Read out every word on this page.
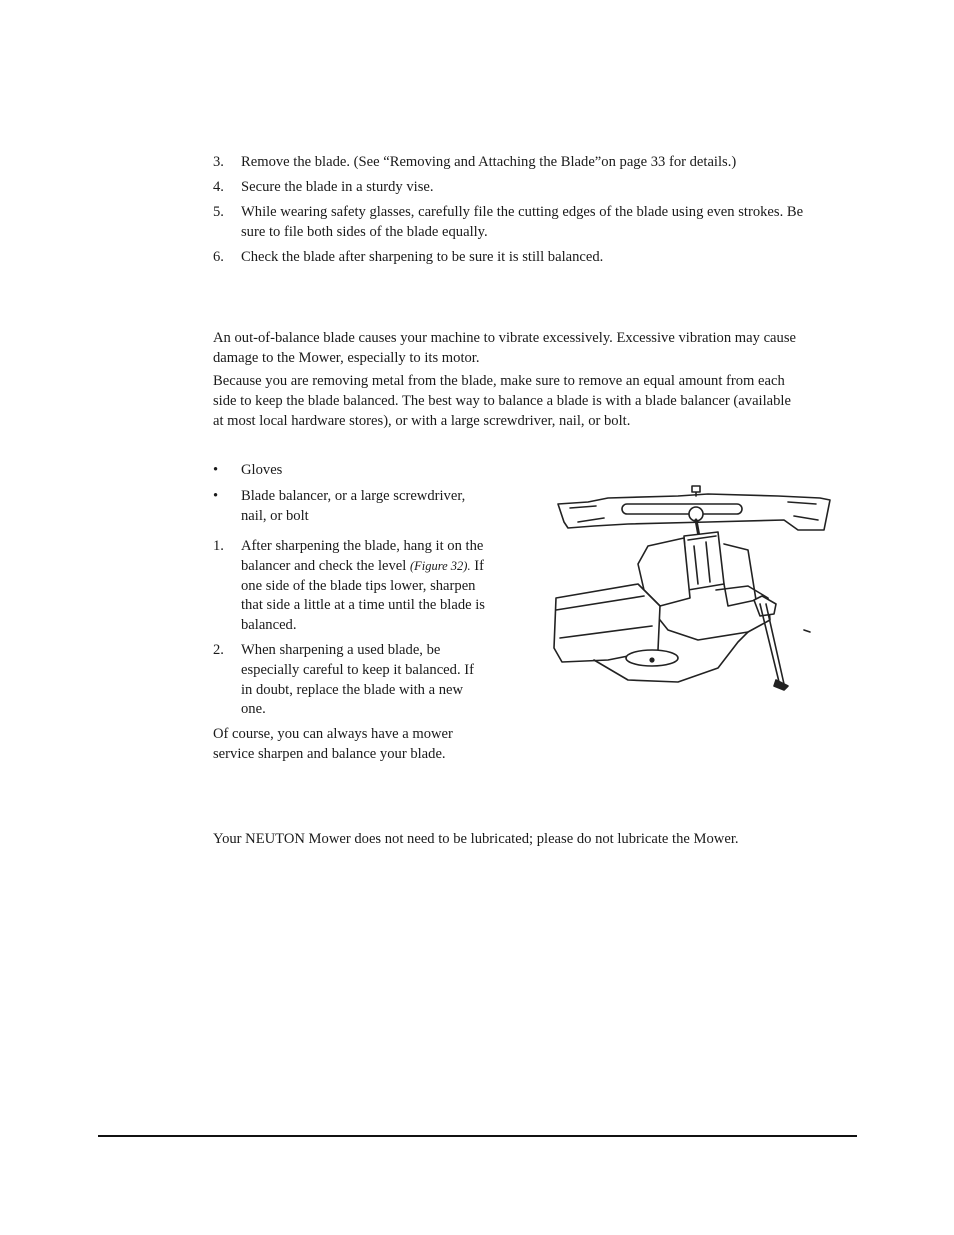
3.	Remove the blade. (See “Removing and Attaching the Blade”on page 33 for details.)
4.	Secure the blade in a sturdy vise.
5.	While wearing safety glasses, carefully file the cutting edges of the blade using even strokes. Be
sure to file both sides of the blade equally.
6.	Check the blade after sharpening to be sure it is still balanced.
An out-of-balance blade causes your machine to vibrate excessively. Excessive vibration may cause
damage to the Mower, especially to its motor.
Because you are removing metal from the blade, make sure to remove an equal amount from each
side to keep the blade balanced. The best way to balance a blade is with a blade balancer (available
at most local hardware stores), or with a large screwdriver, nail, or bolt.
•	Gloves
•	Blade balancer, or a large screwdriver,
nail, or bolt
1.	After sharpening the blade, hang it on the
balancer and check the level (Figure 32). If
one side of the blade tips lower, sharpen
that side a little at a time until the blade is
balanced.
2.	When sharpening a used blade, be
especially careful to keep it balanced. If
in doubt, replace the blade with a new
one.
Of course, you can always have a mower
service sharpen and balance your blade.
Your NEUTON Mower does not need to be lubricated; please do not lubricate the Mower.
